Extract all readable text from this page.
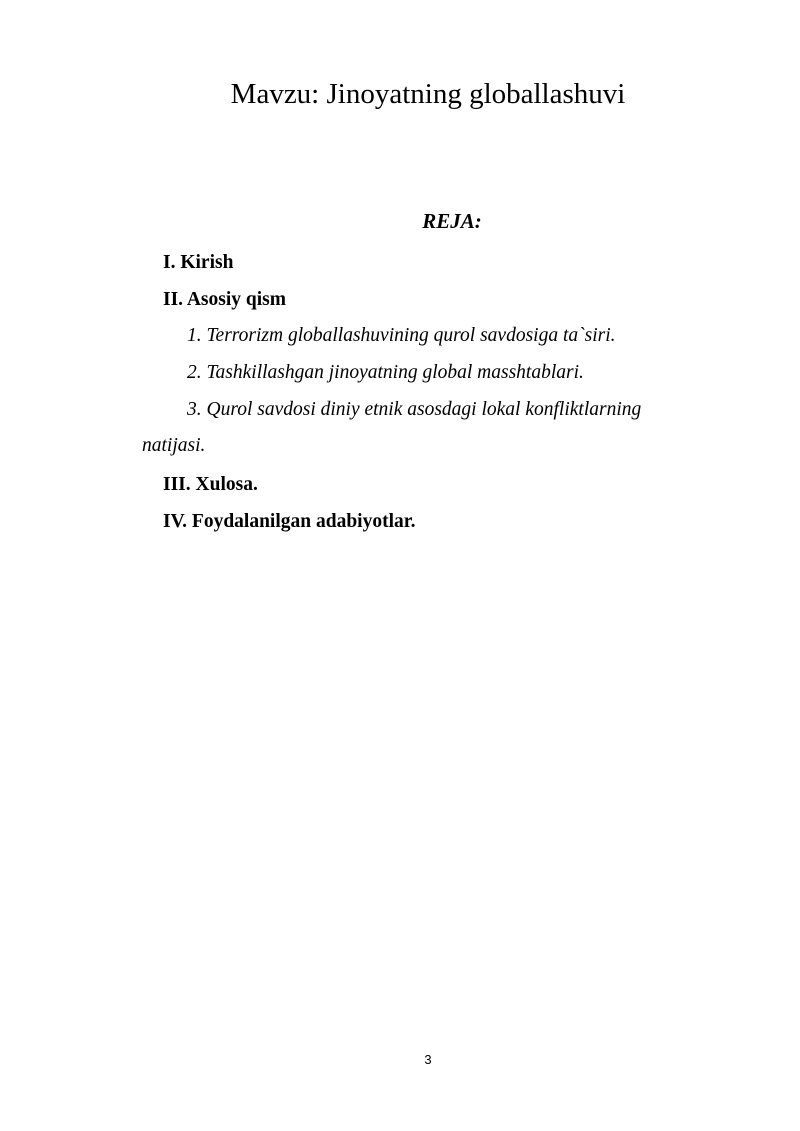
Mavzu: Jinoyatning globallashuvi
REJA:
I. Kirish
II. Asosiy qism
1. Terrorizm globallashuvining qurol savdosiga ta`siri.
2. Tashkillashgan jinoyatning global masshtablari.
3. Qurol savdosi diniy etnik asosdagi lokal konfliktlarning
natijasi.
III. Xulosa.
IV. Foydalanilgan adabiyotlar.
3
